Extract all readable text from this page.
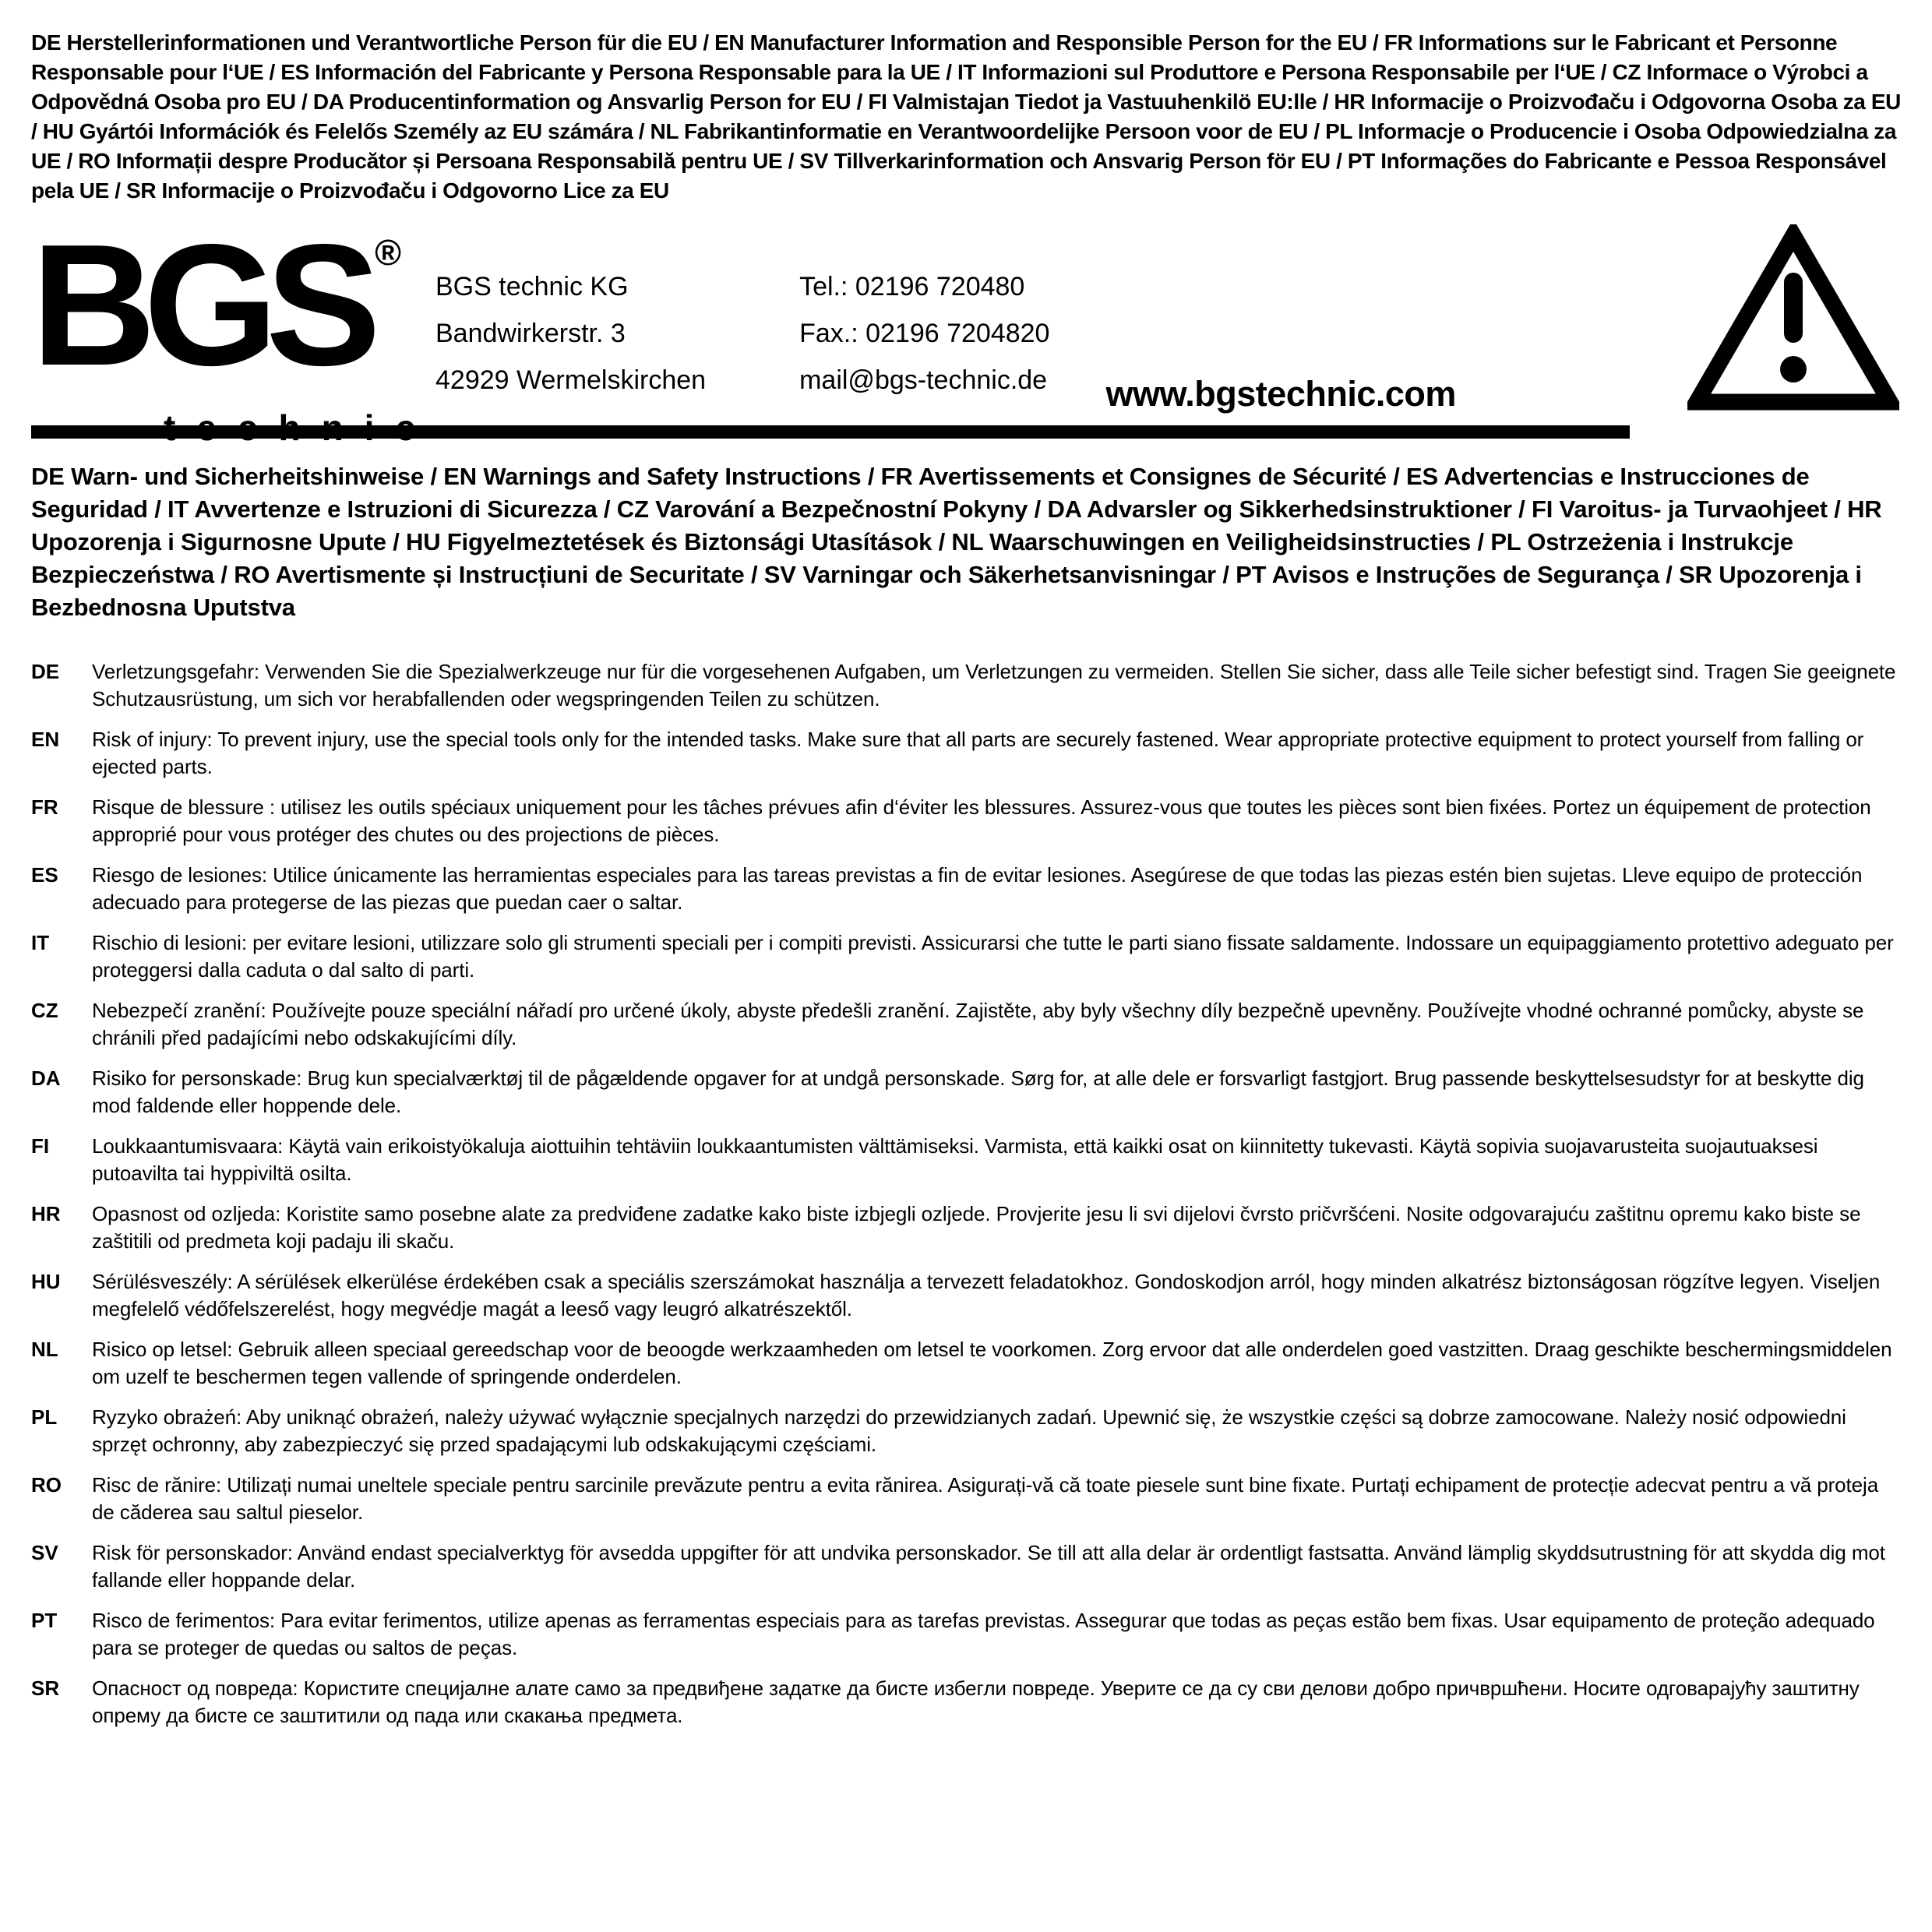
DE Herstellerinformationen und Verantwortliche Person für die EU / EN Manufacturer Information and Responsible Person for the EU / FR Informations sur le Fabricant et Personne Responsable pour l‘UE / ES Información del Fabricante y Persona Responsable para la UE / IT Informazioni sul Produttore e Persona Responsabile per l‘UE / CZ Informace o Výrobci a Odpovědná Osoba pro EU / DA Producentinformation og Ansvarlig Person for EU / FI Valmistajan Tiedot ja Vastuuhenkilö EU:lle / HR Informacije o Proizvođaču i Odgovorna Osoba za EU / HU Gyártói Információk és Felelős Személy az EU számára / NL Fabrikantinformatie en Verantwoordelijke Persoon voor de EU / PL Informacje o Producencie i Osoba Odpowiedzialna za UE / RO Informații despre Producător și Persoana Responsabilă pentru UE / SV Tillverkarinformation och Ansvarig Person för EU / PT Informações do Fabricante e Pessoa Responsável pela UE / SR Informacije o Proizvođaču i Odgovorno Lice za EU
BGS ®
technic
BGS technic KG
Bandwirkerstr. 3
42929 Wermelskirchen
Tel.: 02196 720480
Fax.: 02196 7204820
mail@bgs-technic.de www.bgstechnic.com
DE Warn- und Sicherheitshinweise / EN Warnings and Safety Instructions / FR Avertissements et Consignes de Sécurité / ES Advertencias e Instrucciones de Seguridad / IT Avvertenze e Istruzioni di Sicurezza / CZ Varování a Bezpečnostní Pokyny / DA Advarsler og Sikkerhedsinstruktioner / FI Varoitus- ja Turvaohjeet / HR Upozorenja i Sigurnosne Upute / HU Figyelmeztetések és Biztonsági Utasítások / NL Waarschuwingen en Veiligheidsinstructies / PL Ostrzeżenia i Instrukcje Bezpieczeństwa / RO Avertismente și Instrucțiuni de Securitate / SV Varningar och Säkerhetsanvisningar / PT Avisos e Instruções de Segurança / SR Upozorenja i Bezbednosna Uputstva
DE	Verletzungsgefahr: Verwenden Sie die Spezialwerkzeuge nur für die vorgesehenen Aufgaben, um Verletzungen zu vermeiden. Stellen Sie sicher, dass alle Teile sicher befestigt sind. Tragen Sie geeignete Schutzausrüstung, um sich vor herabfallenden oder wegspringenden Teilen zu schützen.

EN	Risk of injury: To prevent injury, use the special tools only for the intended tasks. Make sure that all parts are securely fastened. Wear appropriate protective equipment to protect yourself from falling or ejected parts.

FR	Risque de blessure : utilisez les outils spéciaux uniquement pour les tâches prévues afin d‘éviter les blessures. Assurez-vous que toutes les pièces sont bien fixées. Portez un équipement de protection approprié pour vous protéger des chutes ou des projections de pièces.

ES	Riesgo de lesiones: Utilice únicamente las herramientas especiales para las tareas previstas a fin de evitar lesiones. Asegúrese de que todas las piezas estén bien sujetas. Lleve equipo de protección adecuado para protegerse de las piezas que puedan caer o saltar.

IT	Rischio di lesioni: per evitare lesioni, utilizzare solo gli strumenti speciali per i compiti previsti. Assicurarsi che tutte le parti siano fissate saldamente. Indossare un equipaggiamento protettivo adeguato per proteggersi dalla caduta o dal salto di parti.

CZ	Nebezpečí zranění: Používejte pouze speciální nářadí pro určené úkoly, abyste předešli zranění. Zajistěte, aby byly všechny díly bezpečně upevněny. Používejte vhodné ochranné pomůcky, abyste se chránili před padajícími nebo odskakujícími díly.

DA	Risiko for personskade: Brug kun specialværktøj til de pågældende opgaver for at undgå personskade. Sørg for, at alle dele er forsvarligt fastgjort. Brug passende beskyttelsesudstyr for at beskytte dig mod faldende eller hoppende dele.

FI	Loukkaantumisvaara: Käytä vain erikoistyökaluja aiottuihin tehtäviin loukkaantumisten välttämiseksi. Varmista, että kaikki osat on kiinnitetty tukevasti. Käytä sopivia suojavarusteita suojautuaksesi putoavilta tai hyppiviltä osilta.

HR	Opasnost od ozljeda: Koristite samo posebne alate za predviđene zadatke kako biste izbjegli ozljede. Provjerite jesu li svi dijelovi čvrsto pričvršćeni. Nosite odgovarajuću zaštitnu opremu kako biste se zaštitili od predmeta koji padaju ili skaču.

HU	Sérülésveszély: A sérülések elkerülése érdekében csak a speciális szerszámokat használja a tervezett feladatokhoz. Gondoskodjon arról, hogy minden alkatrész biztonságosan rögzítve legyen. Viseljen megfelelő védőfelszerelést, hogy megvédje magát a leeső vagy leugró alkatrészektől.

NL	Risico op letsel: Gebruik alleen speciaal gereedschap voor de beoogde werkzaamheden om letsel te voorkomen. Zorg ervoor dat alle onderdelen goed vastzitten. Draag geschikte beschermingsmiddelen om uzelf te beschermen tegen vallende of springende onderdelen.

PL	Ryzyko obrażeń: Aby uniknąć obrażeń, należy używać wyłącznie specjalnych narzędzi do przewidzianych zadań. Upewnić się, że wszystkie części są dobrze zamocowane. Należy nosić odpowiedni sprzęt ochronny, aby zabezpieczyć się przed spadającymi lub odskakującymi częściami.

RO	Risc de rănire: Utilizați numai uneltele speciale pentru sarcinile prevăzute pentru a evita rănirea. Asigurați-vă că toate piesele sunt bine fixate. Purtați echipament de protecție adecvat pentru a vă proteja de căderea sau saltul pieselor.

SV	Risk för personskador: Använd endast specialverktyg för avsedda uppgifter för att undvika personskador. Se till att alla delar är ordentligt fastsatta. Använd lämplig skyddsutrustning för att skydda dig mot fallande eller hoppande delar.

PT	Risco de ferimentos: Para evitar ferimentos, utilize apenas as ferramentas especiais para as tarefas previstas. Assegurar que todas as peças estão bem fixas. Usar equipamento de proteção adequado para se proteger de quedas ou saltos de peças.

SR	Опасност од повреда: Користите специјалне алате само за предвиђене задатке да бисте избегли повреде. Уверите се да су сви делови добро причвршћени. Носите одговарајућу заштитну опрему да бисте се заштитили од пада или скакања предмета.
